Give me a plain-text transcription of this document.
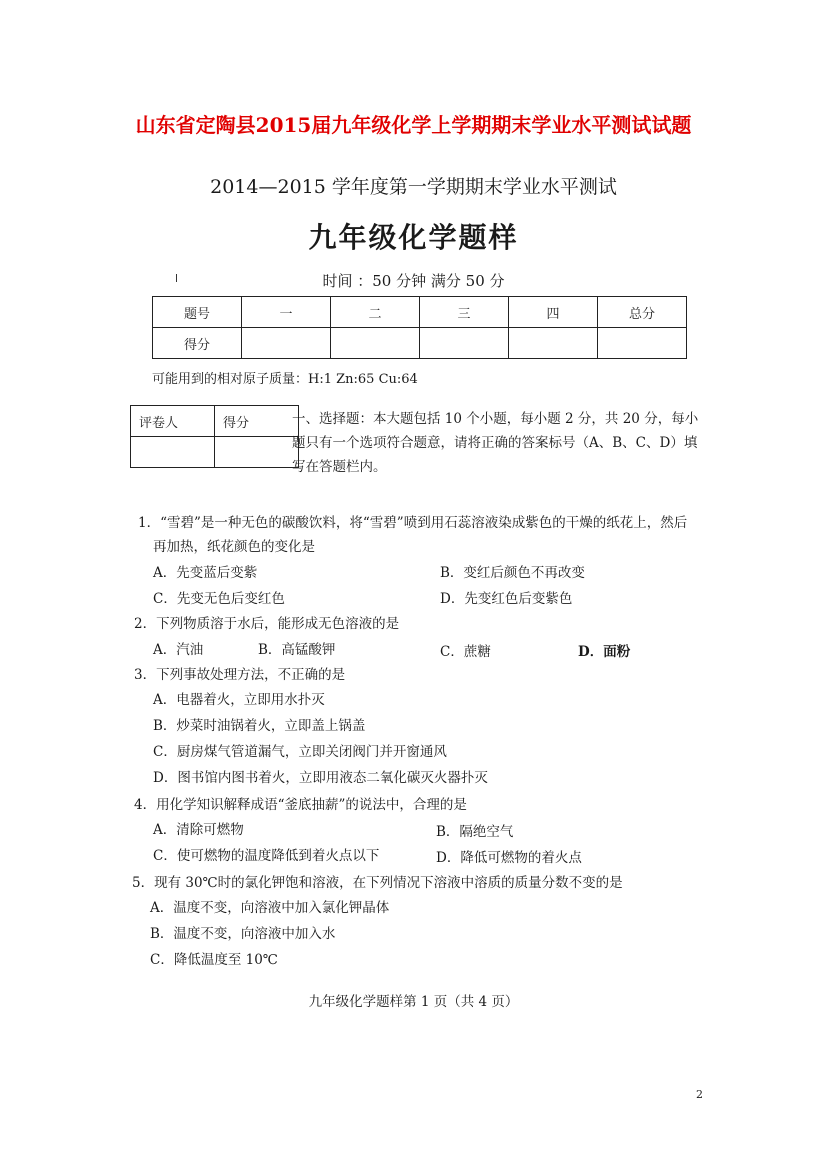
山东省定陶县2015届九年级化学上学期期末学业水平测试试题
2014—2015 学年度第一学期期末学业水平测试
九年级化学题样
时间 ：50 分钟 满分 50 分
题号	一	二	三	四	总分
得分					
可能用到的相对原子质量：H:1 Zn:65 Cu:64
评卷人	得分
		一、选择题：本大题包括 10 个小题，每小题 2 分，共 20 分，每小题只有一个选项符合题意，请将正确的答案标号（A、B、C、D）填写在答题栏内。
1．“雪碧”是一种无色的碳酸饮料，将“雪碧”喷到用石蕊溶液染成紫色的干燥的纸花上，然后
再加热，纸花颜色的变化是
A．先变蓝后变紫	B．变红后颜色不再改变
C．先变无色后变红色	D．先变红色后变紫色
2．下列物质溶于水后，能形成无色溶液的是
A．汽油	B．高锰酸钾	C．蔗糖	D．面粉
3．下列事故处理方法，不正确的是
A．电器着火，立即用水扑灭
B．炒菜时油锅着火，立即盖上锅盖
C．厨房煤气管道漏气，立即关闭阀门并开窗通风
D．图书馆内图书着火，立即用液态二氧化碳灭火器扑灭
4．用化学知识解释成语“釜底抽薪”的说法中，合理的是
A．清除可燃物	B．隔绝空气
C．使可燃物的温度降低到着火点以下	D．降低可燃物的着火点
5．现有 30℃时的氯化钾饱和溶液，在下列情况下溶液中溶质的质量分数不变的是
A．温度不变，向溶液中加入氯化钾晶体
B．温度不变，向溶液中加入水
C．降低温度至 10℃
九年级化学题样第 1 页（共 4 页）
2
